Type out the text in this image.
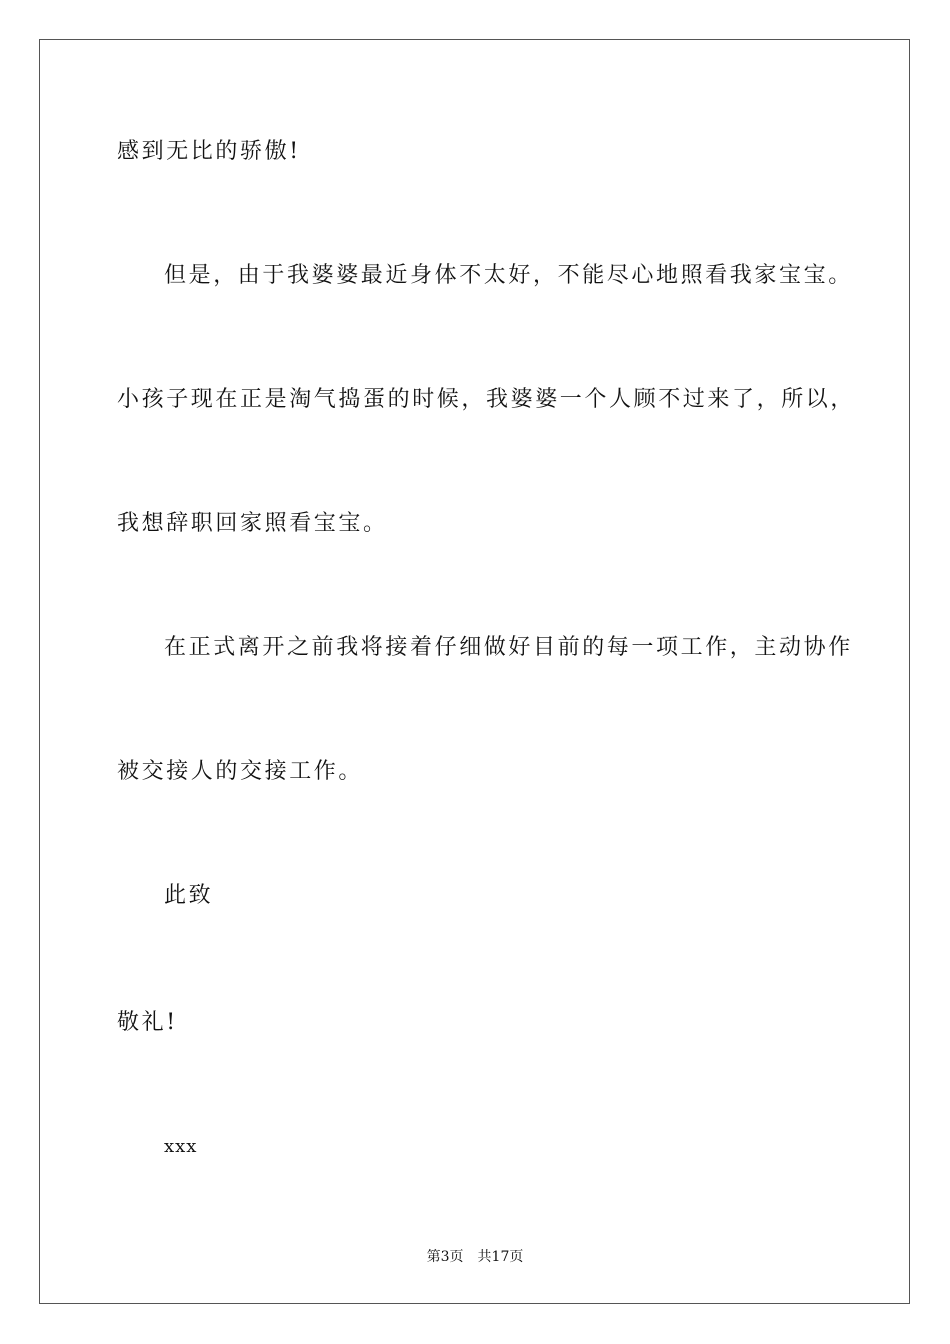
感到无比的骄傲!
但是，由于我婆婆最近身体不太好，不能尽心地照看我家宝宝。
小孩子现在正是淘气捣蛋的时候，我婆婆一个人顾不过来了，所以，
我想辞职回家照看宝宝。
在正式离开之前我将接着仔细做好目前的每一项工作，主动协作
被交接人的交接工作。
此致
敬礼!
xxx
第3页 共17页
